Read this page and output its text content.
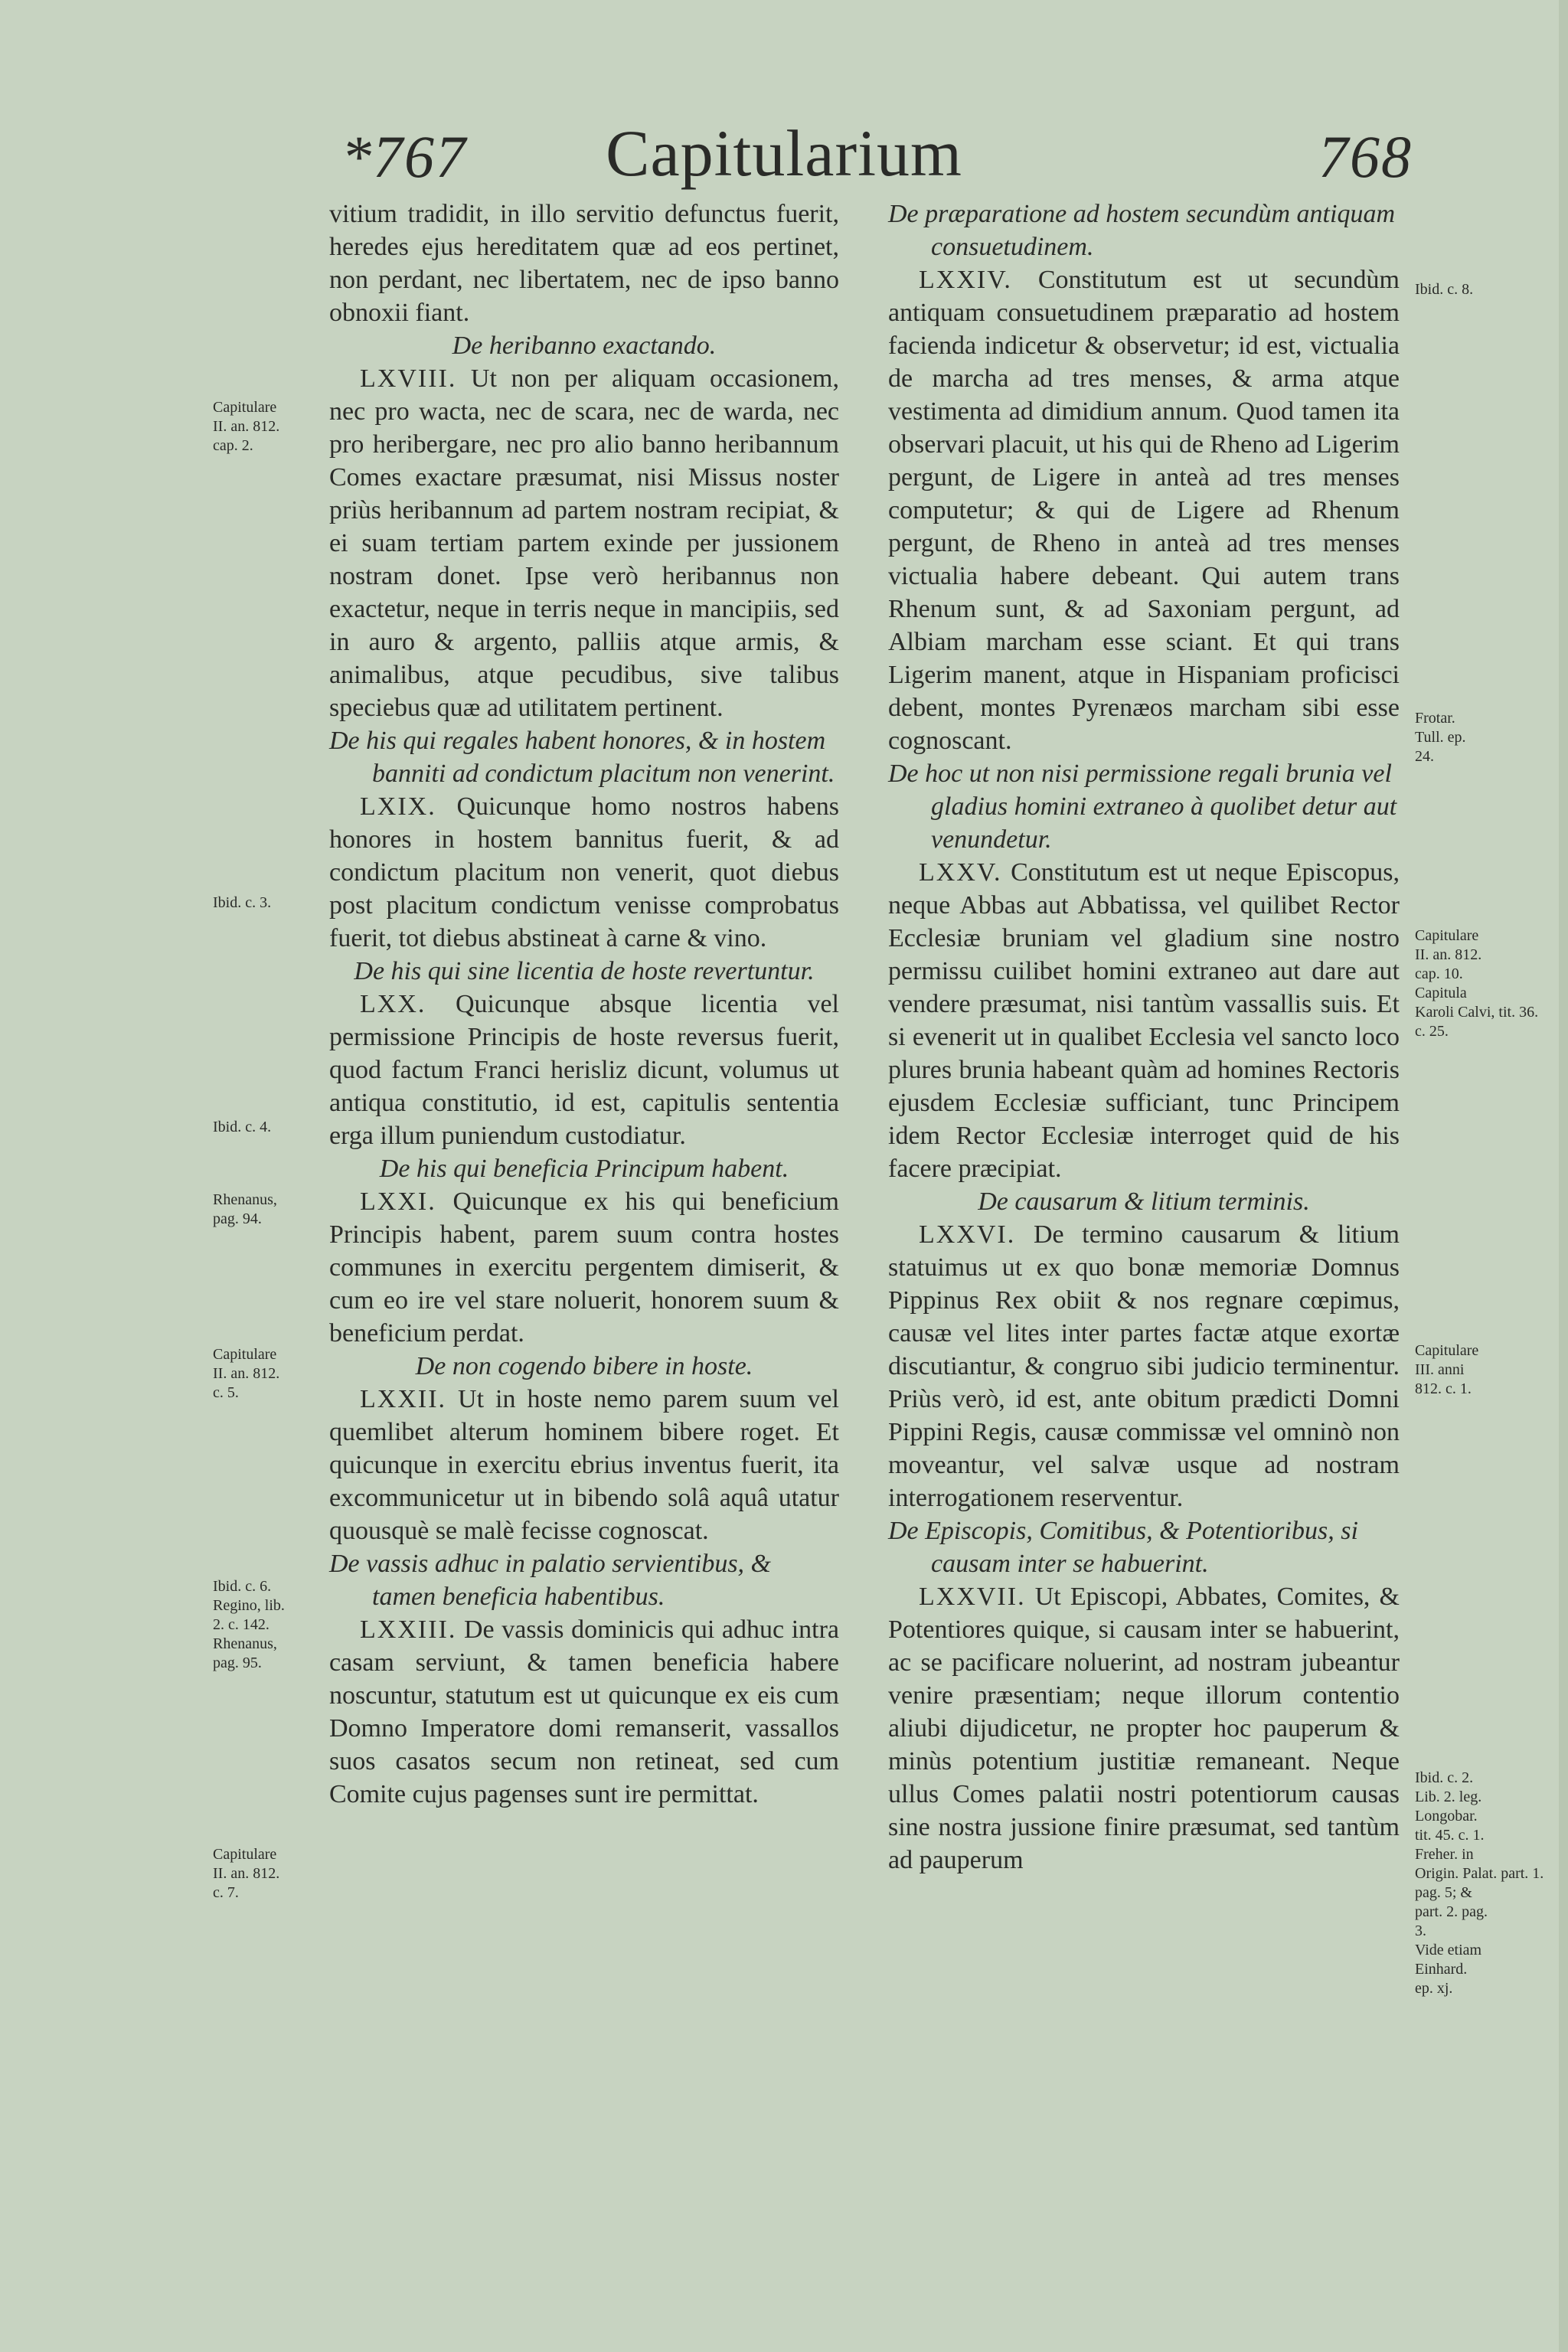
*767	Capitularium	768

vitium tradidit, in illo servitio defunctus fuerit, heredes ejus hereditatem quæ ad eos pertinet, non perdant, nec libertatem, nec de ipso banno obnoxii fiant.

De heribanno exactando.

LXVIII. Ut non per aliquam occasionem, nec pro wacta, nec de scara, nec de warda, nec pro heribergare, nec pro alio banno heribannum Comes exactare præsumat, nisi Missus noster priùs heribannum ad partem nostram recipiat, & ei suam tertiam partem exinde per jussionem nostram donet. Ipse verò heribannus non exactetur, neque in terris neque in mancipiis, sed in auro & argento, palliis atque armis, & animalibus, atque pecudibus, sive talibus speciebus quæ ad utilitatem pertinent.

De his qui regales habent honores, & in hostem banniti ad condictum placitum non venerint.

LXIX. Quicunque homo nostros habens honores in hostem bannitus fuerit, & ad condictum placitum non venerit, quot diebus post placitum condictum venisse comprobatus fuerit, tot diebus abstineat à carne & vino.

De his qui sine licentia de hoste revertuntur.

LXX. Quicunque absque licentia vel permissione Principis de hoste reversus fuerit, quod factum Franci herisliz dicunt, volumus ut antiqua constitutio, id est, capitulis sententia erga illum puniendum custodiatur.

De his qui beneficia Principum habent.

LXXI. Quicunque ex his qui beneficium Principis habent, parem suum contra hostes communes in exercitu pergentem dimiserit, & cum eo ire vel stare noluerit, honorem suum & beneficium perdat.

De non cogendo bibere in hoste.

LXXII. Ut in hoste nemo parem suum vel quemlibet alterum hominem bibere roget. Et quicunque in exercitu ebrius inventus fuerit, ita excommunicetur ut in bibendo solâ aquâ utatur quousquè se malè fecisse cognoscat.

De vassis adhuc in palatio servientibus, & tamen beneficia habentibus.

LXXIII. De vassis dominicis qui adhuc intra casam serviunt, & tamen beneficia habere noscuntur, statutum est ut quicunque ex eis cum Domno Imperatore domi remanserit, vassallos suos casatos secum non retineat, sed cum Comite cujus pagenses sunt ire permittat.

De præparatione ad hostem secundùm antiquam consuetudinem.

LXXIV. Constitutum est ut secundùm antiquam consuetudinem præparatio ad hostem facienda indicetur & observetur; id est, victualia de marcha ad tres menses, & arma atque vestimenta ad dimidium annum. Quod tamen ita observari placuit, ut his qui de Rheno ad Ligerim pergunt, de Ligere in anteà ad tres menses computetur; & qui de Ligere ad Rhenum pergunt, de Rheno in anteà ad tres menses victualia habere debeant. Qui autem trans Rhenum sunt, & ad Saxoniam pergunt, ad Albiam marcham esse sciant. Et qui trans Ligerim manent, atque in Hispaniam proficisci debent, montes Pyrenæos marcham sibi esse cognoscant.

De hoc ut non nisi permissione regali brunia vel gladius homini extraneo à quolibet detur aut venundetur.

LXXV. Constitutum est ut neque Episcopus, neque Abbas aut Abbatissa, vel quilibet Rector Ecclesiæ bruniam vel gladium sine nostro permissu cuilibet homini extraneo aut dare aut vendere præsumat, nisi tantùm vassallis suis. Et si evenerit ut in qualibet Ecclesia vel sancto loco plures brunia habeant quàm ad homines Rectoris ejusdem Ecclesiæ sufficiant, tunc Principem idem Rector Ecclesiæ interroget quid de his facere præcipiat.

De causarum & litium terminis.

LXXVI. De termino causarum & litium statuimus ut ex quo bonæ memoriæ Domnus Pippinus Rex obiit & nos regnare cœpimus, causæ vel lites inter partes factæ atque exortæ discutiantur, & congruo sibi judicio terminentur. Priùs verò, id est, ante obitum prædicti Domni Pippini Regis, causæ commissæ vel omninò non moveantur, vel salvæ usque ad nostram interrogationem reserventur.

De Episcopis, Comitibus, & Potentioribus, si causam inter se habuerint.

LXXVII. Ut Episcopi, Abbates, Comites, & Potentiores quique, si causam inter se habuerint, ac se pacificare noluerint, ad nostram jubeantur venire præsentiam; neque illorum contentio aliubi dijudicetur, ne propter hoc pauperum & minùs potentium justitiæ remaneant. Neque ullus Comes palatii nostri potentiorum causas sine nostra jussione finire præsumat, sed tantùm ad pauperum

Capitulare
II. an. 812.
cap. 2.
Ibid. c. 3.
Ibid. c. 4.
Rhenanus,
pag. 94.
Capitulare
II. an. 812.
c. 5.
Ibid. c. 6.
Regino, lib.
2. c. 142.
Rhenanus,
pag. 95.
Capitulare
II. an. 812.
c. 7.
Ibid. c. 8.
Frotar.
Tull. ep.
24.
Capitulare
II. an. 812.
cap. 10.
Capitula
Karoli Calvi, tit. 36.
c. 25.
Capitulare
III. anni
812. c. 1.
Ibid. c. 2.
Lib. 2. leg.
Longobar.
tit. 45. c. 1.
Freher. in
Origin. Palat. part. 1.
pag. 5; &
part. 2. pag.
3.
Vide etiam
Einhard.
ep. xj.
